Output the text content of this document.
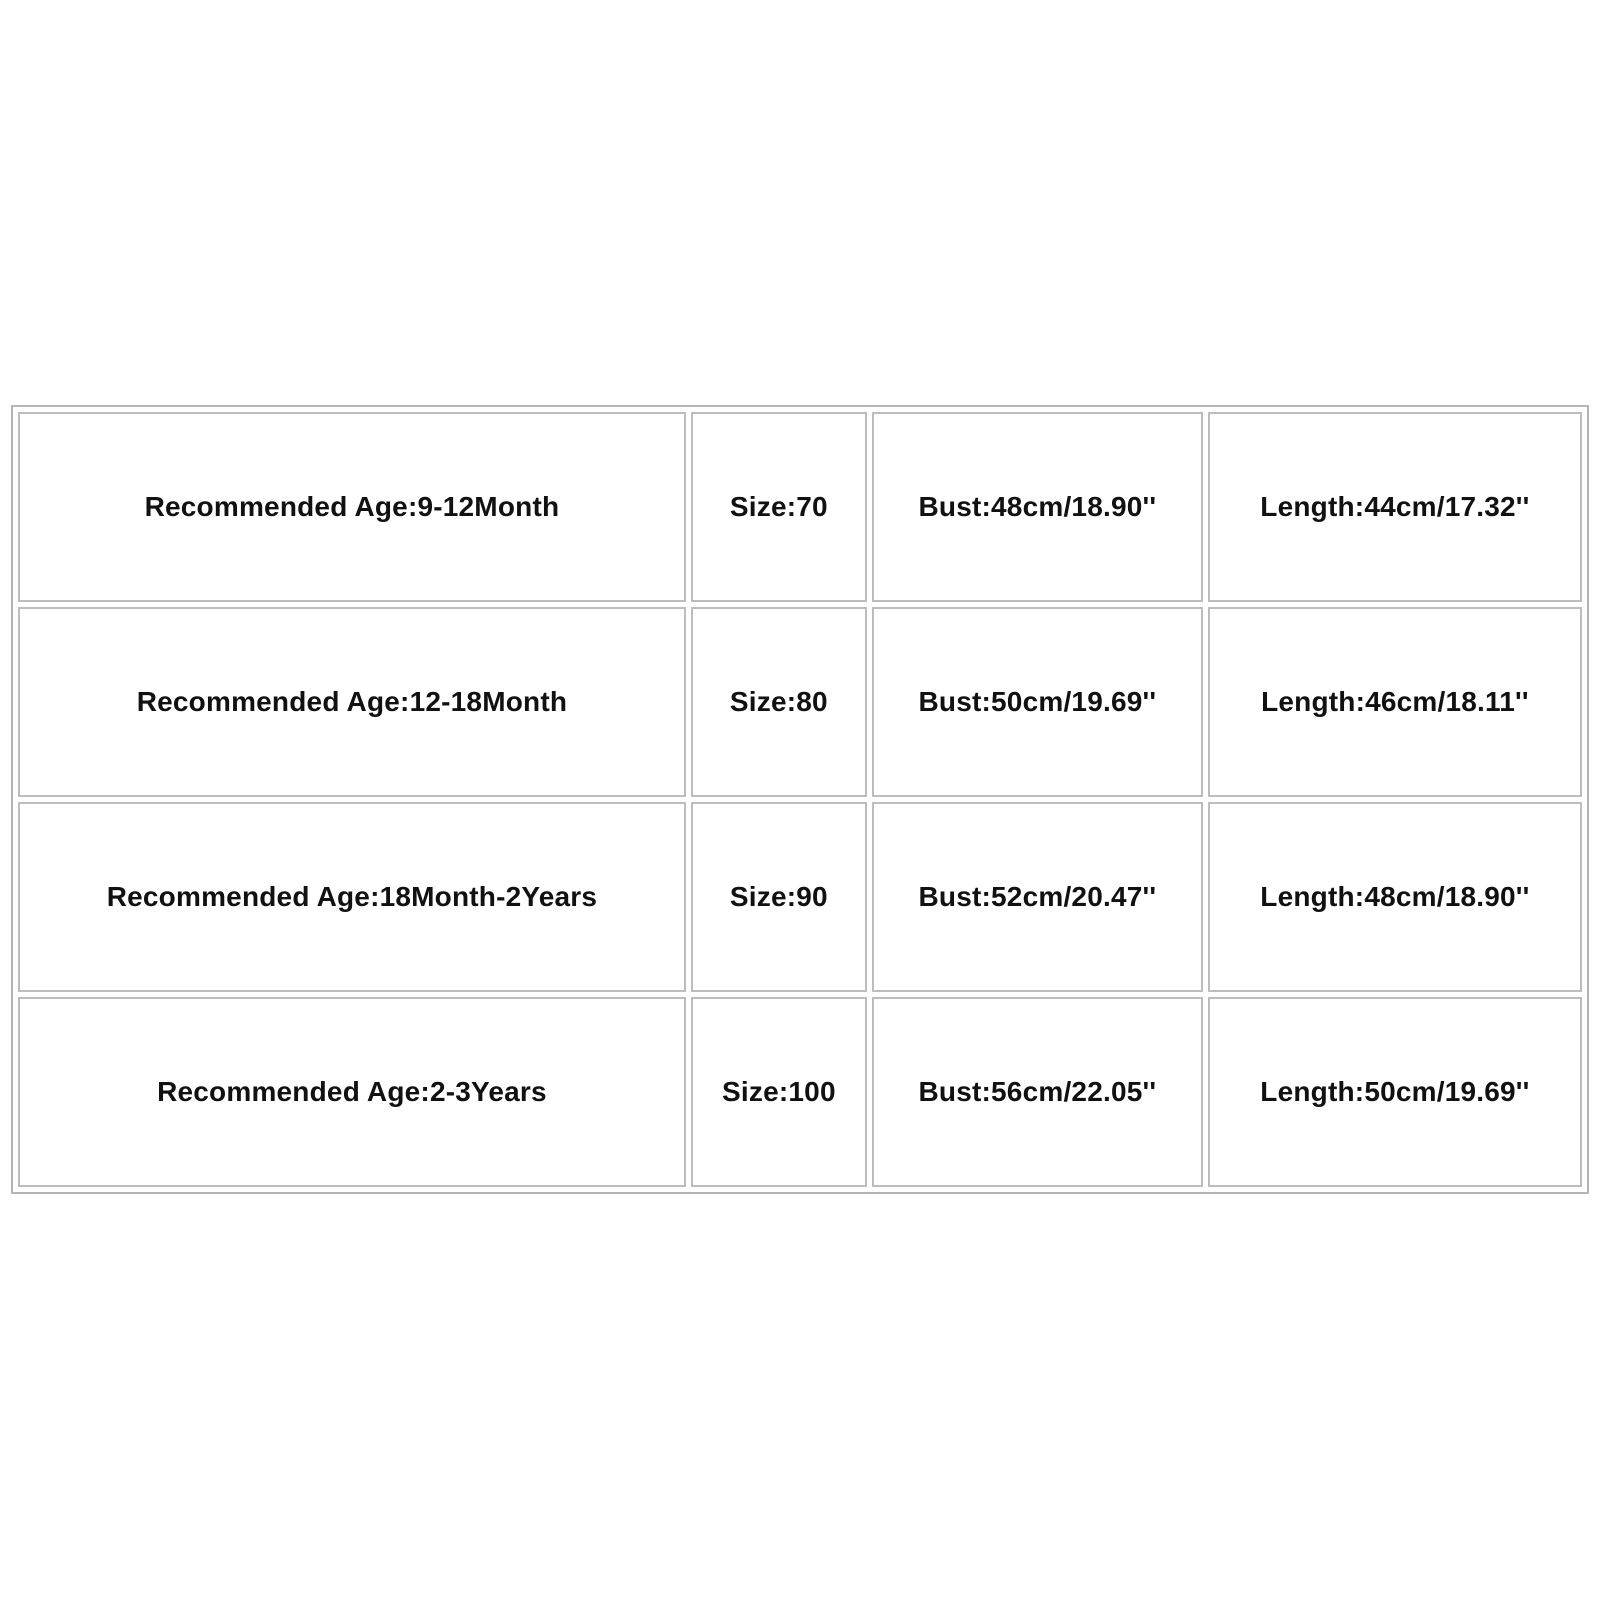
Recommended Age:9-12Month	Size:70	Bust:48cm/18.90''	Length:44cm/17.32''
Recommended Age:12-18Month	Size:80	Bust:50cm/19.69''	Length:46cm/18.11''
Recommended Age:18Month-2Years	Size:90	Bust:52cm/20.47''	Length:48cm/18.90''
Recommended Age:2-3Years	Size:100	Bust:56cm/22.05''	Length:50cm/19.69''
